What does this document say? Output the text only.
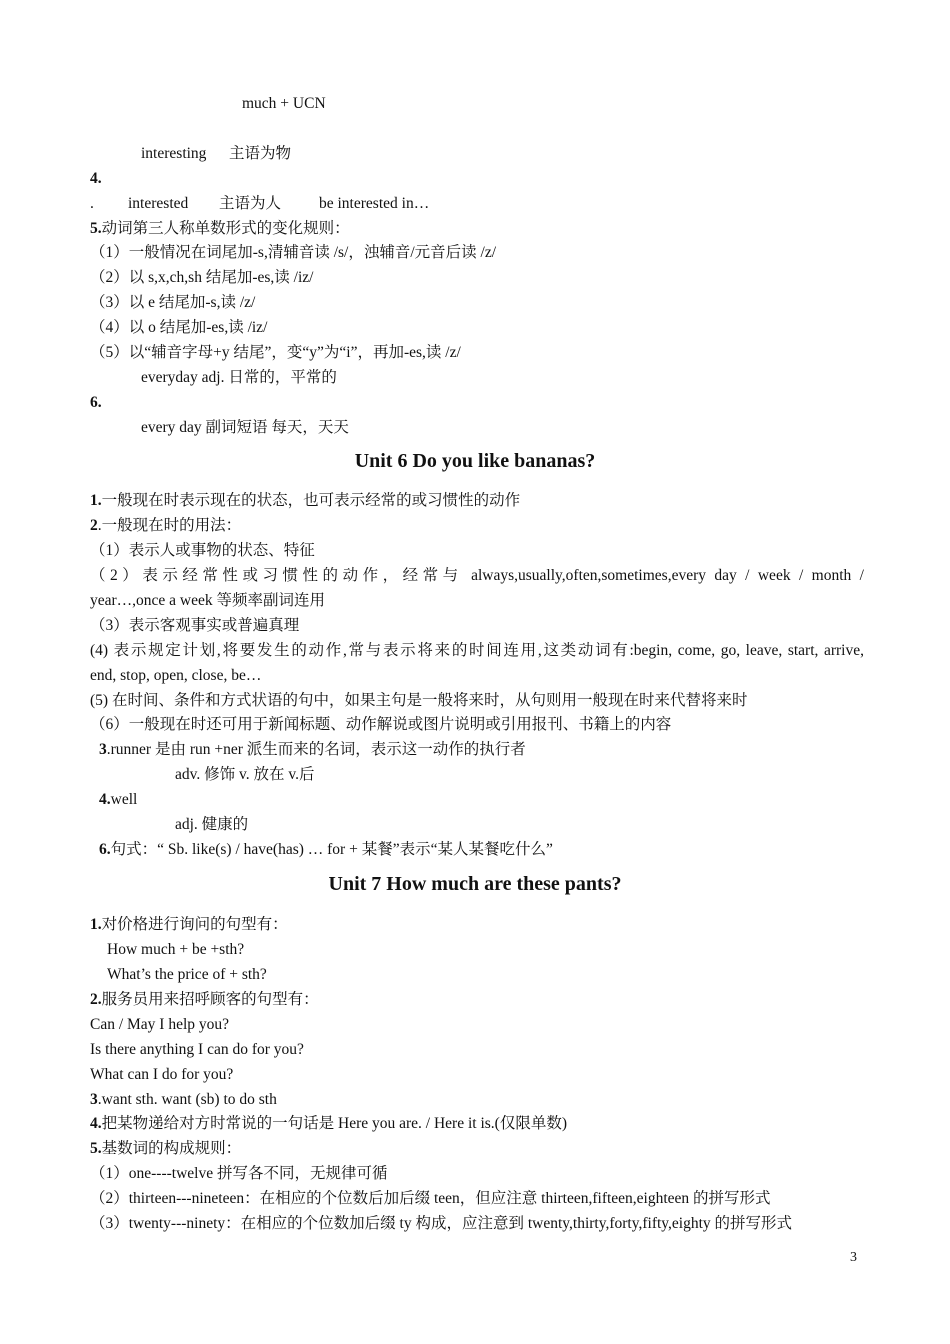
much + UCN
interesting 主语为物
4.
. interested 主语为人 be interested in…
5.动词第三人称单数形式的变化规则：
（1）一般情况在词尾加-s,清辅音读 /s/，浊辅音/元音后读 /z/
（2）以 s,x,ch,sh 结尾加-es,读 /iz/
（3）以 e 结尾加-s,读 /z/
（4）以 o 结尾加-es,读 /iz/
（5）以“辅音字母+y 结尾”，变“y”为“i”，再加-es,读 /z/
everyday adj. 日常的，平常的
6.
every day 副词短语 每天，天天
Unit 6 Do you like bananas?
1.一般现在时表示现在的状态，也可表示经常的或习惯性的动作
2.一般现在时的用法：
（1）表示人或事物的状态、特征
（2）表示经常性或习惯性的动作，经常与 always,usually,often,sometimes,every day / week / month /
year…,once a week 等频率副词连用
（3）表示客观事实或普遍真理
(4) 表示规定计划,将要发生的动作,常与表示将来的时间连用,这类动词有:begin, come, go, leave, start, arrive,
end, stop, open, close, be…
(5) 在时间、条件和方式状语的句中，如果主句是一般将来时，从句则用一般现在时来代替将来时
（6）一般现在时还可用于新闻标题、动作解说或图片说明或引用报刊、书籍上的内容
3.runner 是由 run +ner 派生而来的名词，表示这一动作的执行者
adv. 修饰 v. 放在 v.后
4.well
adj. 健康的
6.句式：“ Sb. like(s) / have(has) … for + 某餐”表示“某人某餐吃什么”
Unit 7 How much are these pants?
1.对价格进行询问的句型有：
How much + be +sth?
What’s the price of + sth?
2.服务员用来招呼顾客的句型有：
Can / May I help you?
Is there anything I can do for you?
What can I do for you?
3.want sth. want (sb) to do sth
4.把某物递给对方时常说的一句话是 Here you are. / Here it is.(仅限单数)
5.基数词的构成规则：
（1）one----twelve 拼写各不同，无规律可循
（2）thirteen---nineteen：在相应的个位数后加后缀 teen，但应注意 thirteen,fifteen,eighteen 的拼写形式
（3）twenty---ninety：在相应的个位数加后缀 ty 构成，应注意到 twenty,thirty,forty,fifty,eighty 的拼写形式
3
